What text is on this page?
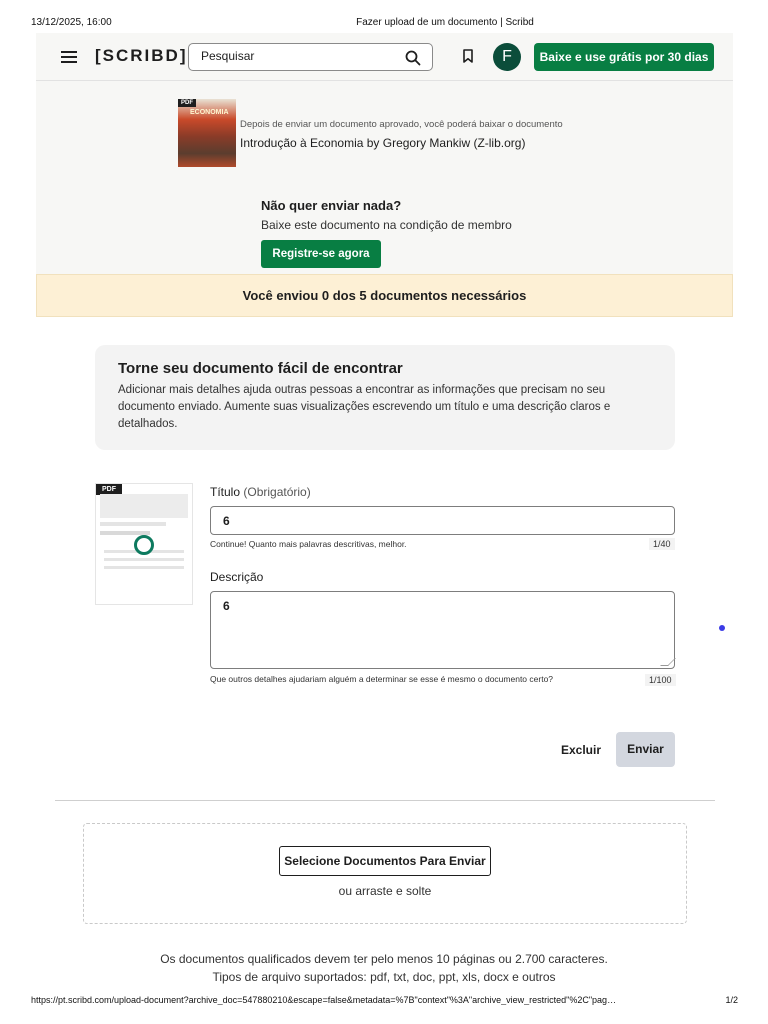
13/12/2025, 16:00	Fazer upload de um documento | Scribd
[SCRIBD]
Pesquisar	F	Baixe e use grátis por 30 dias
PDF
ECONOMIA
Depois de enviar um documento aprovado, você poderá baixar o documento
Introdução à Economia by Gregory Mankiw (Z-lib.org)
Não quer enviar nada?
Baixe este documento na condição de membro
Registre-se agora
Você enviou 0 dos 5 documentos necessários
Torne seu documento fácil de encontrar

Adicionar mais detalhes ajuda outras pessoas a encontrar as informações que precisam no seu documento enviado. Aumente suas visualizações escrevendo um título e uma descrição claros e detalhados.

PDF	Título (Obrigatório)
6
Continue! Quanto mais palavras descritivas, melhor.	1/40
Descrição
6
Que outros detalhes ajudariam alguém a determinar se esse é mesmo o documento certo?	1/100
Excluir	Enviar
Selecione Documentos Para Enviar
ou arraste e solte
Os documentos qualificados devem ter pelo menos 10 páginas ou 2.700 caracteres.
Tipos de arquivo suportados: pdf, txt, doc, ppt, xls, docx e outros
https://pt.scribd.com/upload-document?archive_doc=547880210&escape=false&metadata=%7B"context"%3A"archive_view_restricted"%2C"pag…	1/2
